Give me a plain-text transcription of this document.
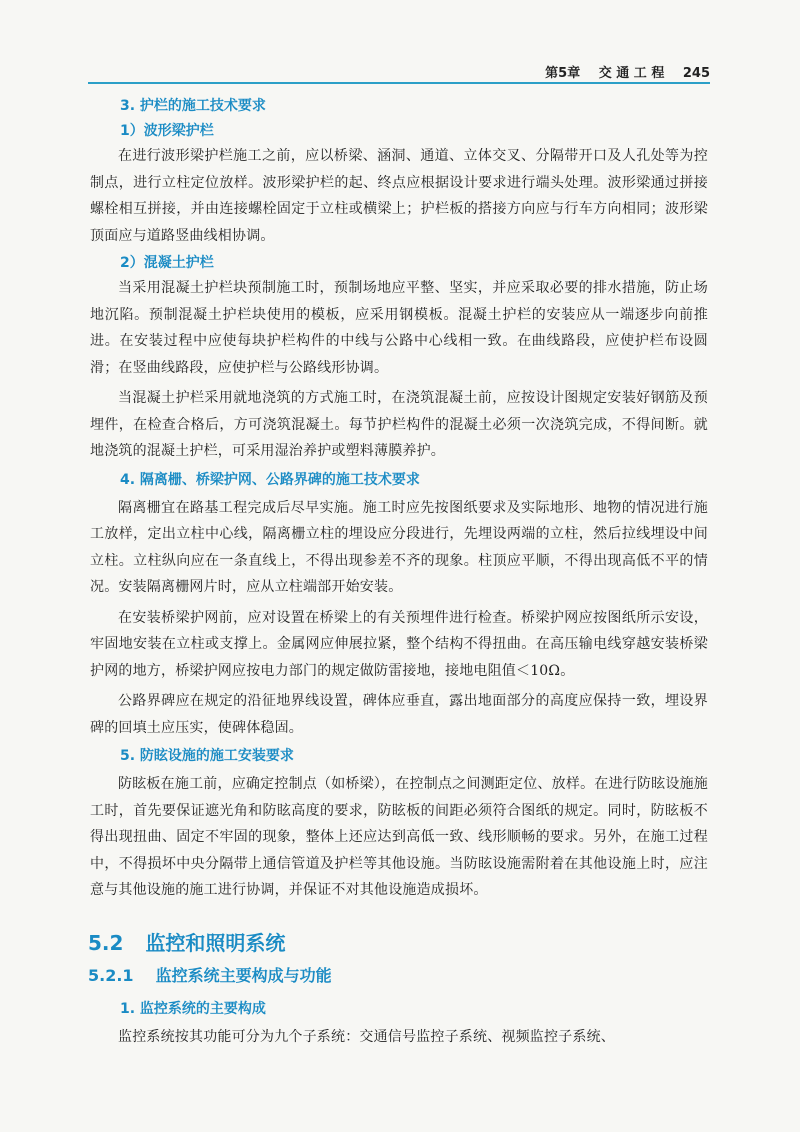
第5章 交 通 工 程 245
3. 护栏的施工技术要求
1）波形梁护栏

在进行波形梁护栏施工之前，应以桥梁、涵洞、通道、立体交叉、分隔带开口及人孔处等为控制点，进行立柱定位放样。波形梁护栏的起、终点应根据设计要求进行端头处理。波形梁通过拼接螺栓相互拼接，并由连接螺栓固定于立柱或横梁上；护栏板的搭接方向应与行车方向相同；波形梁顶面应与道路竖曲线相协调。

2）混凝土护栏

当采用混凝土护栏块预制施工时，预制场地应平整、坚实，并应采取必要的排水措施，防止场地沉陷。预制混凝土护栏块使用的模板，应采用钢模板。混凝土护栏的安装应从一端逐步向前推进。在安装过程中应使每块护栏构件的中线与公路中心线相一致。在曲线路段，应使护栏布设圆滑；在竖曲线路段，应使护栏与公路线形协调。

当混凝土护栏采用就地浇筑的方式施工时，在浇筑混凝土前，应按设计图规定安装好钢筋及预埋件，在检查合格后，方可浇筑混凝土。每节护栏构件的混凝土必须一次浇筑完成，不得间断。就地浇筑的混凝土护栏，可采用湿治养护或塑料薄膜养护。

4. 隔离栅、桥梁护网、公路界碑的施工技术要求

隔离栅宜在路基工程完成后尽早实施。施工时应先按图纸要求及实际地形、地物的情况进行施工放样，定出立柱中心线，隔离栅立柱的埋设应分段进行，先埋设两端的立柱，然后拉线埋设中间立柱。立柱纵向应在一条直线上，不得出现参差不齐的现象。柱顶应平顺，不得出现高低不平的情况。安装隔离栅网片时，应从立柱端部开始安装。

在安装桥梁护网前，应对设置在桥梁上的有关预埋件进行检查。桥梁护网应按图纸所示安设，牢固地安装在立柱或支撑上。金属网应伸展拉紧，整个结构不得扭曲。在高压输电线穿越安装桥梁护网的地方，桥梁护网应按电力部门的规定做防雷接地，接地电阻值＜10Ω。

公路界碑应在规定的沿征地界线设置，碑体应垂直，露出地面部分的高度应保持一致，埋设界碑的回填土应压实，使碑体稳固。

5. 防眩设施的施工安装要求

防眩板在施工前，应确定控制点（如桥梁），在控制点之间测距定位、放样。在进行防眩设施施工时，首先要保证遮光角和防眩高度的要求，防眩板的间距必须符合图纸的规定。同时，防眩板不得出现扭曲、固定不牢固的现象，整体上还应达到高低一致、线形顺畅的要求。另外，在施工过程中，不得损坏中央分隔带上通信管道及护栏等其他设施。当防眩设施需附着在其他设施上时，应注意与其他设施的施工进行协调，并保证不对其他设施造成损坏。

5.2 监控和照明系统
5.2.1 监控系统主要构成与功能
1. 监控系统的主要构成

监控系统按其功能可分为九个子系统：交通信号监控子系统、视频监控子系统、
